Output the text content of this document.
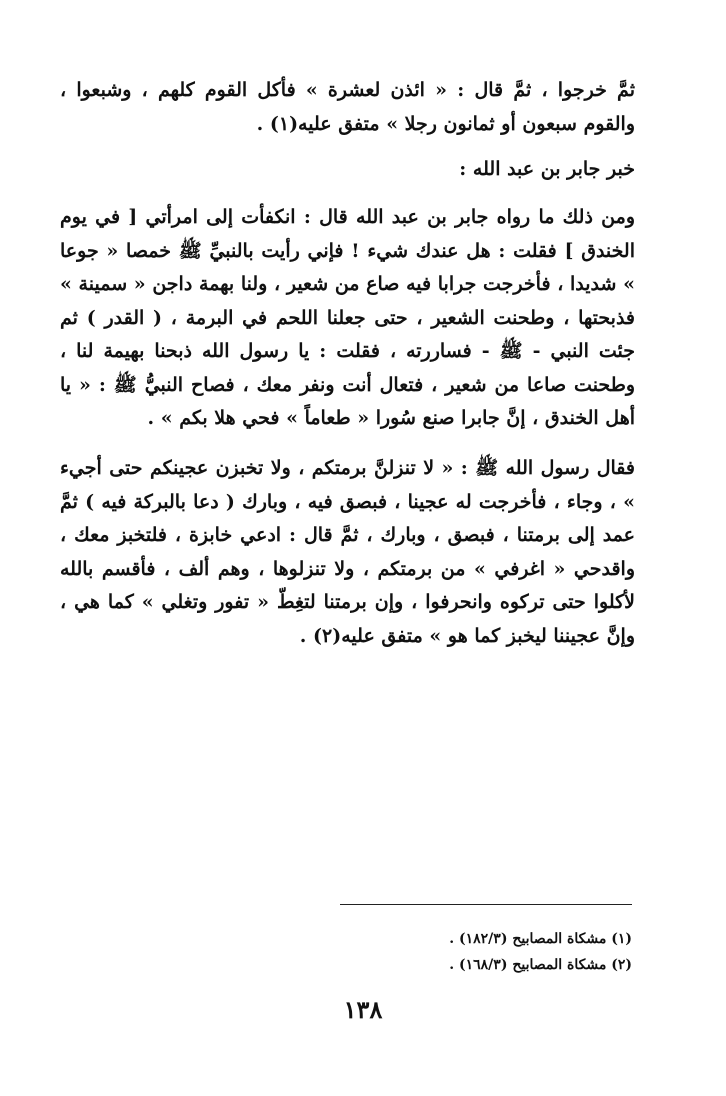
ثمَّ خرجوا ، ثمَّ قال : « ائذن لعشرة » فأكل القوم كلهم ، وشبعوا ، والقوم سبعون أو ثمانون رجلا » متفق عليه(١) .
خبر جابر بن عبد الله :
ومن ذلك ما رواه جابر بن عبد الله قال : انكفأت إلى امرأتي [ في يوم الخندق ] فقلت : هل عندك شيء ! فإني رأيت بالنبيِّ ﷺ خمصا « جوعا » شديدا ، فأخرجت جرابا فيه صاع من شعير ، ولنا بهمة داجن « سمينة » فذبحتها ، وطحنت الشعير ، حتى جعلنا اللحم في البرمة ، ( القدر ) ثم جئت النبي - ﷺ - فساررته ، فقلت : يا رسول الله ذبحنا بهيمة لنا ، وطحنت صاعا من شعير ، فتعال أنت ونفر معك ، فصاح النبيُّ ﷺ : « يا أهل الخندق ، إنَّ جابرا صنع سُورا « طعاماً » فحي هلا بكم » .
فقال رسول الله ﷺ : « لا تنزلنَّ برمتكم ، ولا تخبزن عجينكم حتى أجيء » ، وجاء ، فأخرجت له عجينا ، فبصق فيه ، وبارك ( دعا بالبركة فيه ) ثمَّ عمد إلى برمتنا ، فبصق ، وبارك ، ثمَّ قال : ادعي خابزة ، فلتخبز معك ، واقدحي « اغرفي » من برمتكم ، ولا تنزلوها ، وهم ألف ، فأقسم بالله لأكلوا حتى تركوه وانحرفوا ، وإن برمتنا لتغِطّ « تفور وتغلي » كما هي ، وإنَّ عجيننا ليخبز كما هو » متفق عليه(٢) .
(١) مشكاة المصابيح (١٨٢/٣) .
(٢) مشكاة المصابيح (١٦٨/٣) .
١٣٨
